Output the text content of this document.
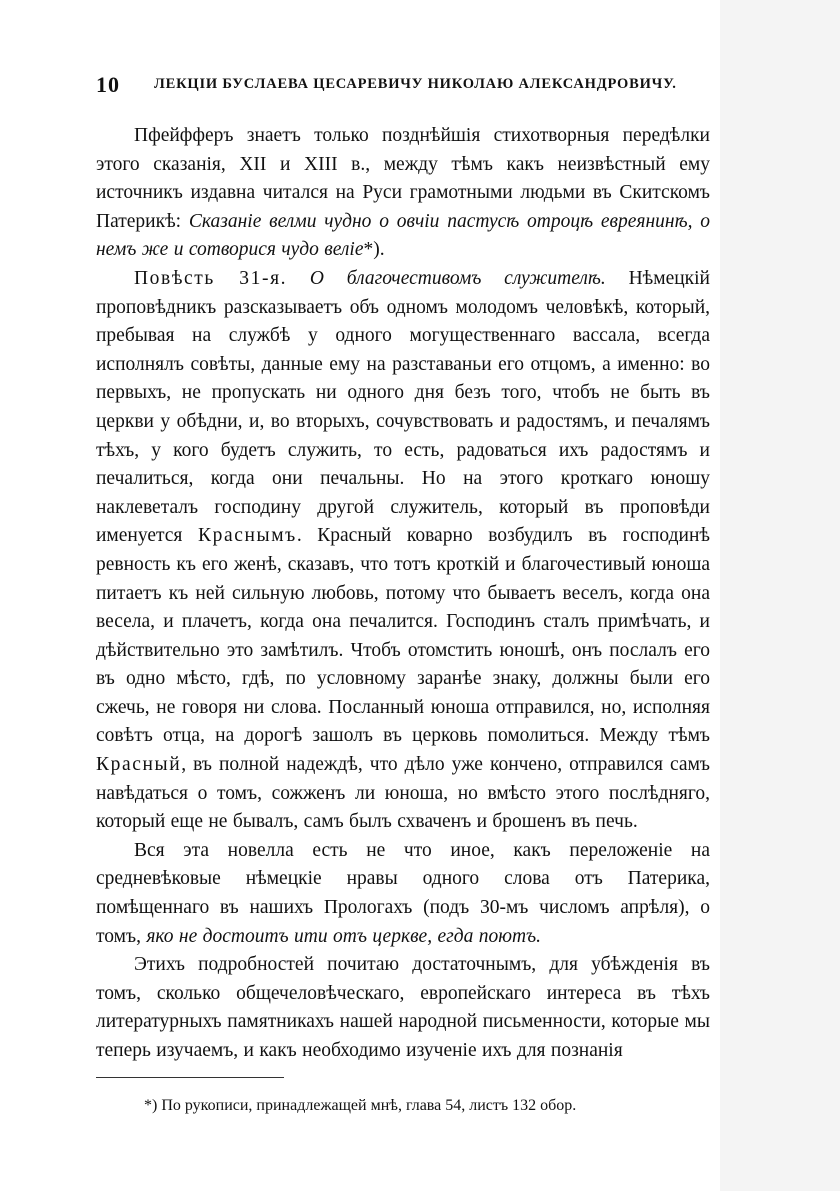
10 ЛЕКЦІИ БУСЛАЕВА ЦЕСАРЕВИЧУ НИКОЛАЮ АЛЕКСАНДРОВИЧУ.

Пфейфферъ знаетъ только позднѣйшія стихотворныя передѣлки этого сказанія, XII и XIII в., между тѣмъ какъ неизвѣстный ему источникъ издавна читался на Руси грамотными людьми въ Скитскомъ Патерикѣ: Сказаніе велми чудно о овчіи пастусѣ отроцѣ евреянинѣ, о немъ же и сотворися чудо веліе*).

Повѣсть 31-я. О благочестивомъ служителѣ. Нѣмецкій проповѣдникъ разсказываетъ объ одномъ молодомъ человѣкѣ, который, пребывая на службѣ у одного могущественнаго вассала, всегда исполнялъ совѣты, данные ему на разставаньи его отцомъ, а именно: во первыхъ, не пропускать ни одного дня безъ того, чтобъ не быть въ церкви у обѣдни, и, во вторыхъ, сочувствовать и радостямъ, и печалямъ тѣхъ, у кого будетъ служить, то есть, радоваться ихъ радостямъ и печалиться, когда они печальны. Но на этого кроткаго юношу наклеветалъ господину другой служитель, который въ проповѣди именуется Краснымъ. Красный коварно возбудилъ въ господинѣ ревность къ его женѣ, сказавъ, что тотъ кроткій и благочестивый юноша питаетъ къ ней сильную любовь, потому что бываетъ веселъ, когда она весела, и плачетъ, когда она печалится. Господинъ сталъ примѣчать, и дѣйствительно это замѣтилъ. Чтобъ отомстить юношѣ, онъ послалъ его въ одно мѣсто, гдѣ, по условному заранѣе знаку, должны были его сжечь, не говоря ни слова. Посланный юноша отправился, но, исполняя совѣтъ отца, на дорогѣ зашолъ въ церковь помолиться. Между тѣмъ Красный, въ полной надеждѣ, что дѣло уже кончено, отправился самъ навѣдаться о томъ, сожженъ ли юноша, но вмѣсто этого послѣдняго, который еще не бывалъ, самъ былъ схваченъ и брошенъ въ печь.

Вся эта новелла есть не что иное, какъ переложеніе на средневѣковые нѣмецкіе нравы одного слова отъ Патерика, помѣщеннаго въ нашихъ Прологахъ (подъ 30-мъ числомъ апрѣля), о томъ, яко не достоитъ ити отъ церкве, егда поютъ.

Этихъ подробностей почитаю достаточнымъ, для убѣжденія въ томъ, сколько общечеловѣческаго, европейскаго интереса въ тѣхъ литературныхъ памятникахъ нашей народной письменности, которые мы теперь изучаемъ, и какъ необходимо изученіе ихъ для познанія

*) По рукописи, принадлежащей мнѣ, глава 54, листъ 132 обор.
